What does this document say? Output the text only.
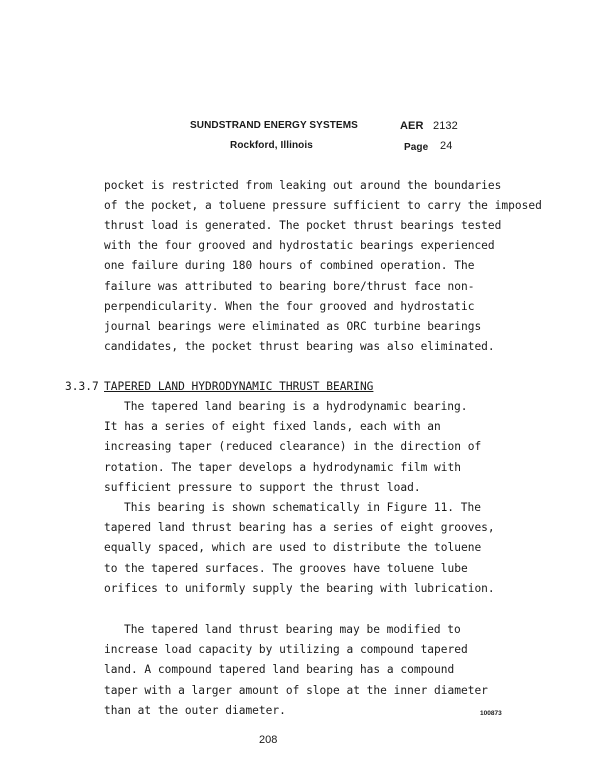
SUNDSTRAND ENERGY SYSTEMS	AER 2132
Rockford, Illinois	Page 24
pocket is restricted from leaking out around the boundaries
of the pocket, a toluene pressure sufficient to carry the imposed
thrust load is generated. The pocket thrust bearings tested
with the four grooved and hydrostatic bearings experienced
one failure during 180 hours of combined operation. The
failure was attributed to bearing bore/thrust face non-
perpendicularity. When the four grooved and hydrostatic
journal bearings were eliminated as ORC turbine bearings
candidates, the pocket thrust bearing was also eliminated.
3.3.7 TAPERED LAND HYDRODYNAMIC THRUST BEARING
The tapered land bearing is a hydrodynamic bearing.
It has a series of eight fixed lands, each with an
increasing taper (reduced clearance) in the direction of
rotation. The taper develops a hydrodynamic film with
sufficient pressure to support the thrust load.
This bearing is shown schematically in Figure 11. The
tapered land thrust bearing has a series of eight grooves,
equally spaced, which are used to distribute the toluene
to the tapered surfaces. The grooves have toluene lube
orifices to uniformly supply the bearing with lubrication.
The tapered land thrust bearing may be modified to
increase load capacity by utilizing a compound tapered
land. A compound tapered land bearing has a compound
taper with a larger amount of slope at the inner diameter
than at the outer diameter.	100873
208
